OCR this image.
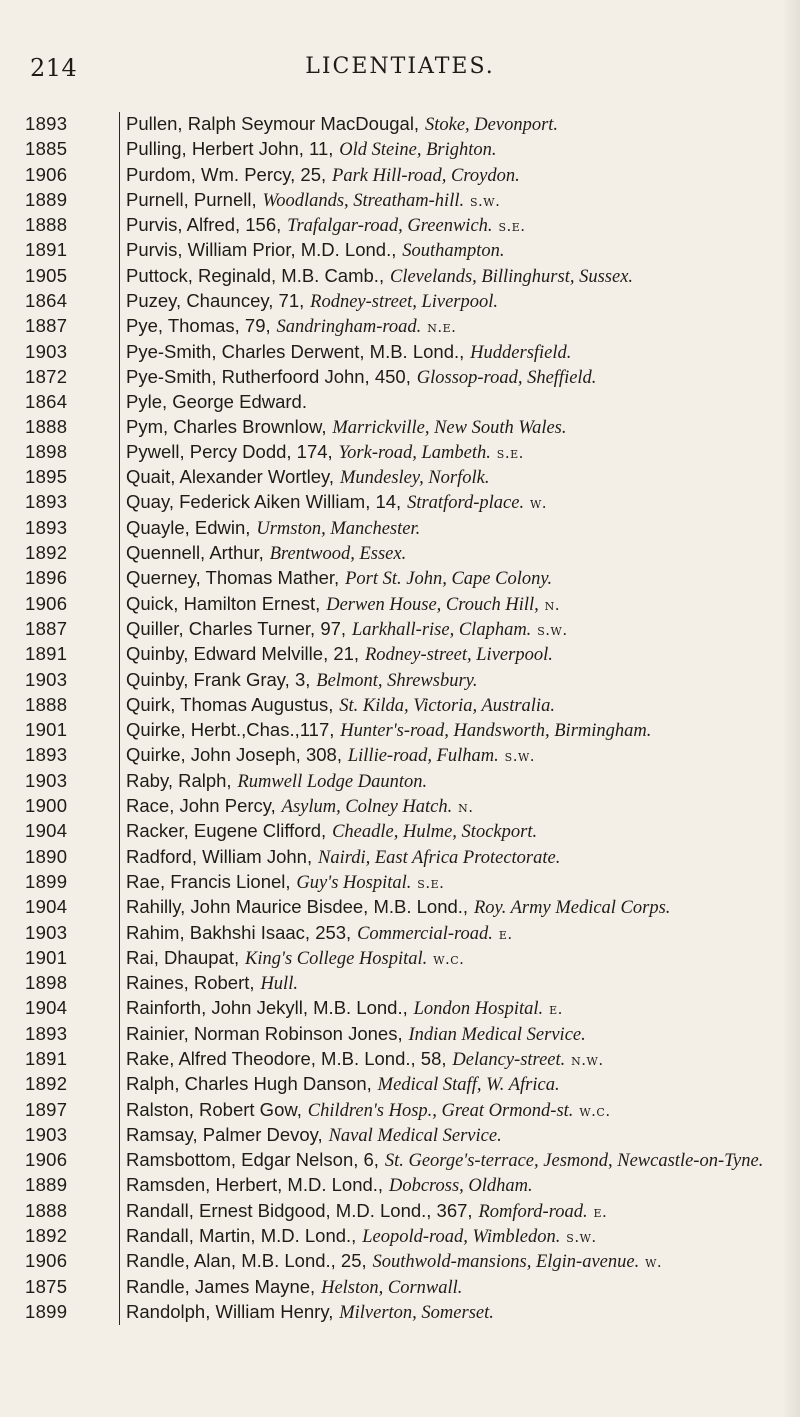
214	LICENTIATES.
1893	Pullen, Ralph Seymour MacDougal, Stoke, Devonport.
1885	Pulling, Herbert John, 11, Old Steine, Brighton.
1906	Purdom, Wm. Percy, 25, Park Hill-road, Croydon.
1889	Purnell, Purnell, Woodlands, Streatham-hill. s.w.
1888	Purvis, Alfred, 156, Trafalgar-road, Greenwich. s.e.
1891	Purvis, William Prior, M.D. Lond., Southampton.
1905	Puttock, Reginald, M.B. Camb., Clevelands, Billinghurst, Sussex.
1864	Puzey, Chauncey, 71, Rodney-street, Liverpool.
1887	Pye, Thomas, 79, Sandringham-road. n.e.
1903	Pye-Smith, Charles Derwent, M.B. Lond., Huddersfield.
1872	Pye-Smith, Rutherfoord John, 450, Glossop-road, Sheffield.
1864	Pyle, George Edward.
1888	Pym, Charles Brownlow, Marrickville, New South Wales.
1898	Pywell, Percy Dodd, 174, York-road, Lambeth. s.e.
1895	Quait, Alexander Wortley, Mundesley, Norfolk.
1893	Quay, Federick Aiken William, 14, Stratford-place. w.
1893	Quayle, Edwin, Urmston, Manchester.
1892	Quennell, Arthur, Brentwood, Essex.
1896	Querney, Thomas Mather, Port St. John, Cape Colony.
1906	Quick, Hamilton Ernest, Derwen House, Crouch Hill, n.
1887	Quiller, Charles Turner, 97, Larkhall-rise, Clapham. s.w.
1891	Quinby, Edward Melville, 21, Rodney-street, Liverpool.
1903	Quinby, Frank Gray, 3, Belmont, Shrewsbury.
1888	Quirk, Thomas Augustus, St. Kilda, Victoria, Australia.
1901	Quirke, Herbt.,Chas.,117, Hunter's-road, Handsworth, Birmingham.
1893	Quirke, John Joseph, 308, Lillie-road, Fulham. s.w.
1903	Raby, Ralph, Rumwell Lodge Daunton.
1900	Race, John Percy, Asylum, Colney Hatch. n.
1904	Racker, Eugene Clifford, Cheadle, Hulme, Stockport.
1890	Radford, William John, Nairdi, East Africa Protectorate.
1899	Rae, Francis Lionel, Guy's Hospital. s.e.
1904	Rahilly, John Maurice Bisdee, M.B. Lond., Roy. Army Medical Corps.
1903	Rahim, Bakhshi Isaac, 253, Commercial-road. e.
1901	Rai, Dhaupat, King's College Hospital. w.c.
1898	Raines, Robert, Hull.
1904	Rainforth, John Jekyll, M.B. Lond., London Hospital. e.
1893	Rainier, Norman Robinson Jones, Indian Medical Service.
1891	Rake, Alfred Theodore, M.B. Lond., 58, Delancy-street. n.w.
1892	Ralph, Charles Hugh Danson, Medical Staff, W. Africa.
1897	Ralston, Robert Gow, Children's Hosp., Great Ormond-st. w.c.
1903	Ramsay, Palmer Devoy, Naval Medical Service.
1906	Ramsbottom, Edgar Nelson, 6, St. George's-terrace, Jesmond, Newcastle-on-Tyne.
1889	Ramsden, Herbert, M.D. Lond., Dobcross, Oldham.
1888	Randall, Ernest Bidgood, M.D. Lond., 367, Romford-road. e.
1892	Randall, Martin, M.D. Lond., Leopold-road, Wimbledon. s.w.
1906	Randle, Alan, M.B. Lond., 25, Southwold-mansions, Elgin-avenue. w.
1875	Randle, James Mayne, Helston, Cornwall.
1899	Randolph, William Henry, Milverton, Somerset.
